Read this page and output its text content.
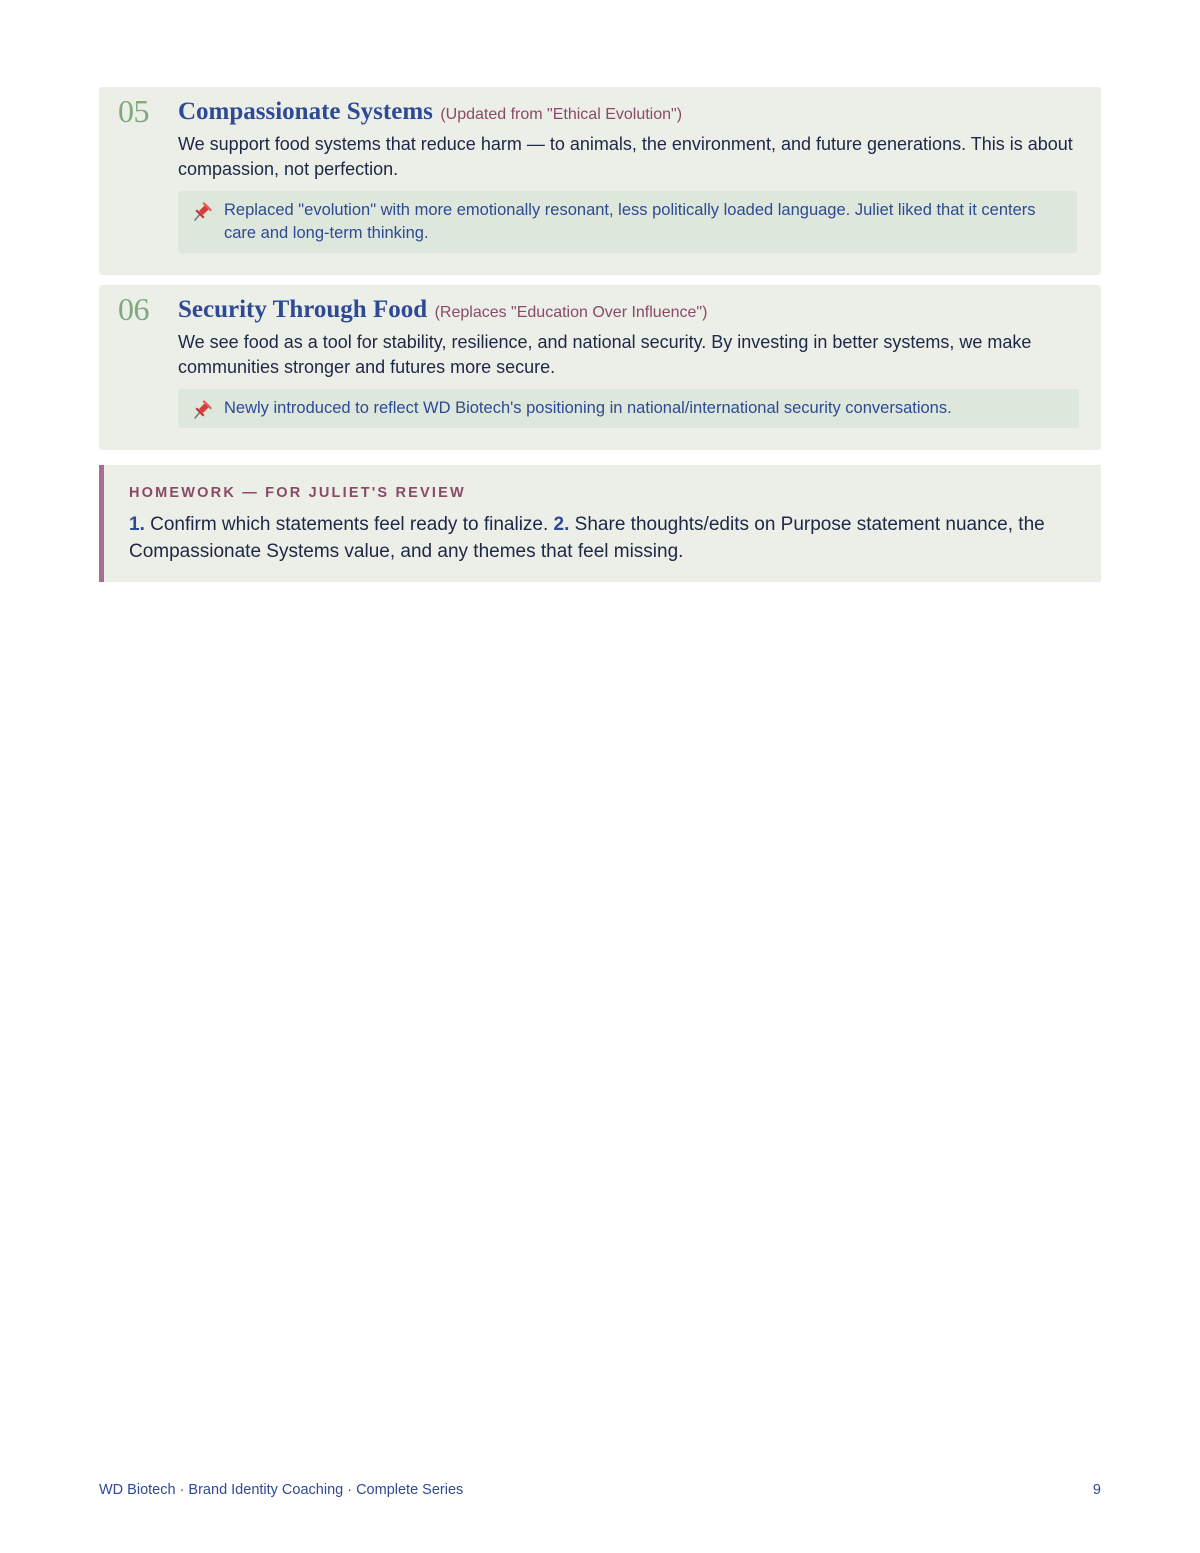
05 Compassionate Systems (Updated from "Ethical Evolution")

We support food systems that reduce harm — to animals, the environment, and future generations. This is about compassion, not perfection.

Replaced "evolution" with more emotionally resonant, less politically loaded language. Juliet liked that it centers care and long-term thinking.
06 Security Through Food (Replaces "Education Over Influence")

We see food as a tool for stability, resilience, and national security. By investing in better systems, we make communities stronger and futures more secure.

Newly introduced to reflect WD Biotech's positioning in national/international security conversations.

HOMEWORK — FOR JULIET'S REVIEW

1. Confirm which statements feel ready to finalize. 2. Share thoughts/edits on Purpose statement nuance, the Compassionate Systems value, and any themes that feel missing.

WD Biotech · Brand Identity Coaching · Complete Series	9
